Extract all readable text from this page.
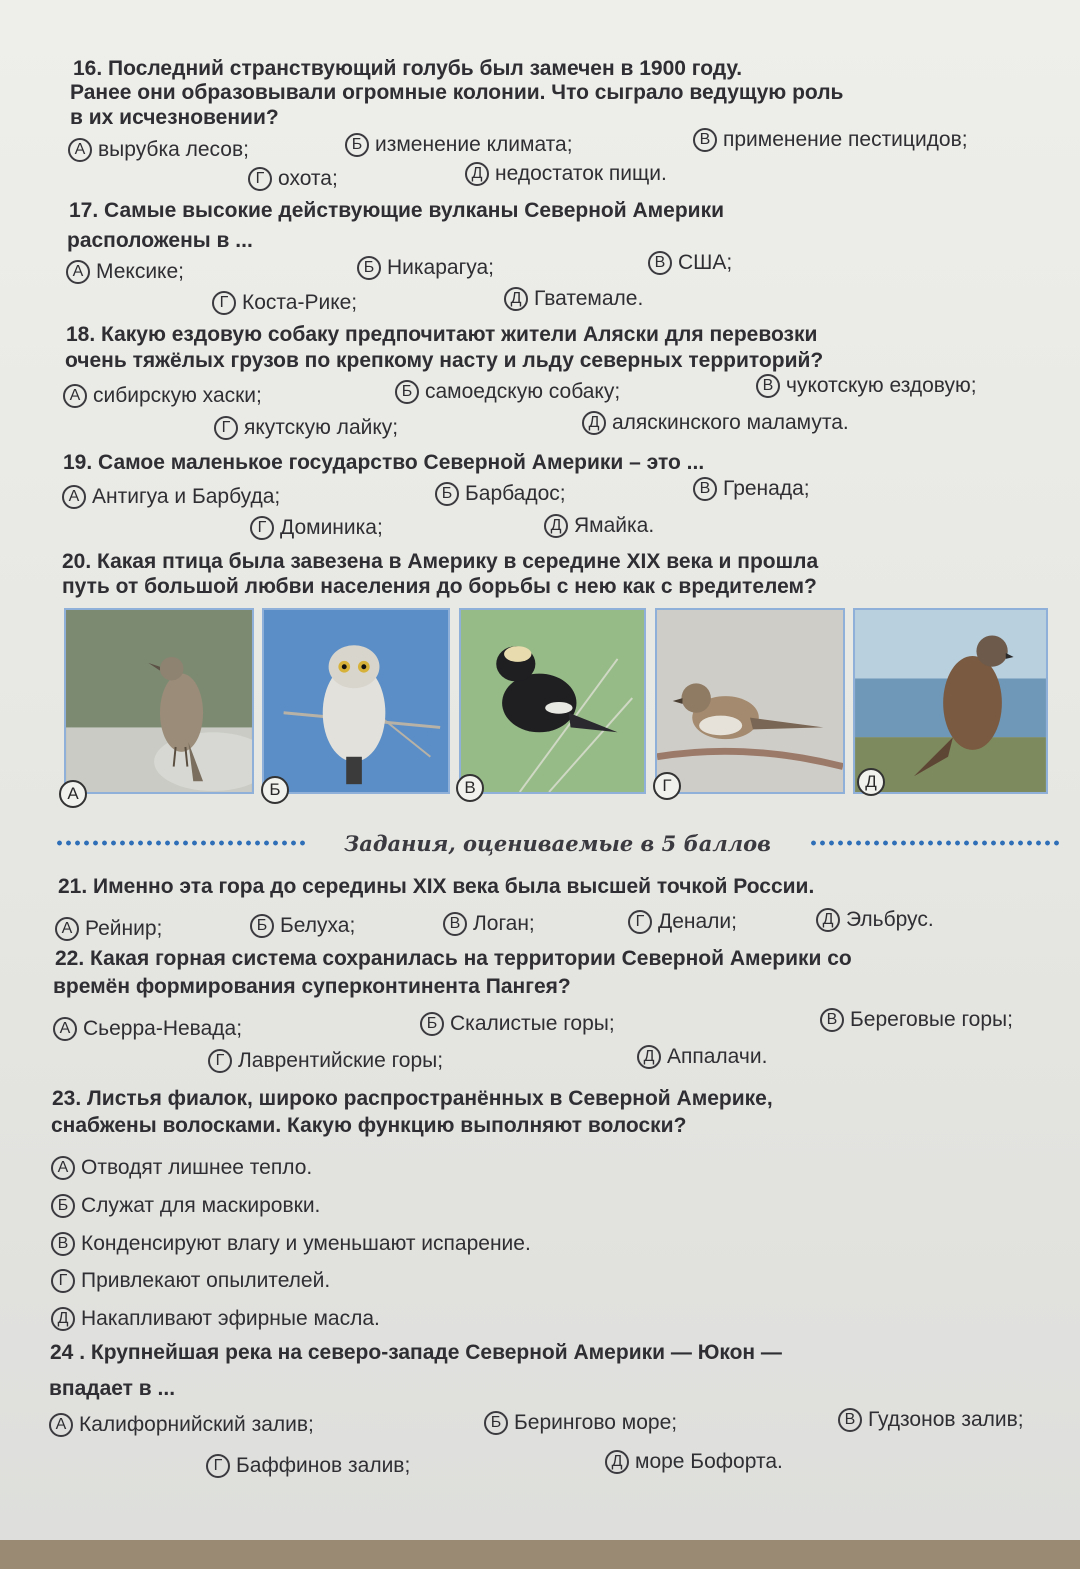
16. Последний странствующий голубь был замечен в 1900 году.
Ранее они образовывали огромные колонии. Что сыграло ведущую роль
в их исчезновении?
А вырубка лесов;	Б изменение климата;	В применение пестицидов;
Г охота;	Д недостаток пищи.
17. Самые высокие действующие вулканы Северной Америки
расположены в ...
А Мексике;	Б Никарагуа;	В США;
Г Коста-Рике;	Д Гватемале.
18. Какую ездовую собаку предпочитают жители Аляски для перевозки
очень тяжёлых грузов по крепкому насту и льду северных территорий?
А сибирскую хаски;	Б самоедскую собаку;	В чукотскую ездовую;
Г якутскую лайку;	Д аляскинского маламута.
19. Самое маленькое государство Северной Америки – это ...
А Антигуа и Барбуда;	Б Барбадос;	В Гренада;
Г Доминика;	Д Ямайка.
20. Какая птица была завезена в Америку в середине XIX века и прошла
путь от большой любви населения до борьбы с нею как с вредителем?
А	Б	В	Г	Д
Задания, оцениваемые в 5 баллов
21. Именно эта гора до середины XIX века была высшей точкой России.
А Рейнир;	Б Белуха;	В Логан;	Г Денали;	Д Эльбрус.
22. Какая горная система сохранилась на территории Северной Америки со
времён формирования суперконтинента Пангея?
А Сьерра-Невада;	Б Скалистые горы;	В Береговые горы;
Г Лаврентийские горы;	Д Аппалачи.
23. Листья фиалок, широко распространённых в Северной Америке,
снабжены волосками. Какую функцию выполняют волоски?
А Отводят лишнее тепло.
Б Служат для маскировки.
В Конденсируют влагу и уменьшают испарение.
Г Привлекают опылителей.
Д Накапливают эфирные масла.
24 . Крупнейшая река на северо-западе Северной Америки — Юкон —
впадает в ...
А Калифорнийский залив;	Б Берингово море;	В Гудзонов залив;
Г Баффинов залив;	Д море Бофорта.
